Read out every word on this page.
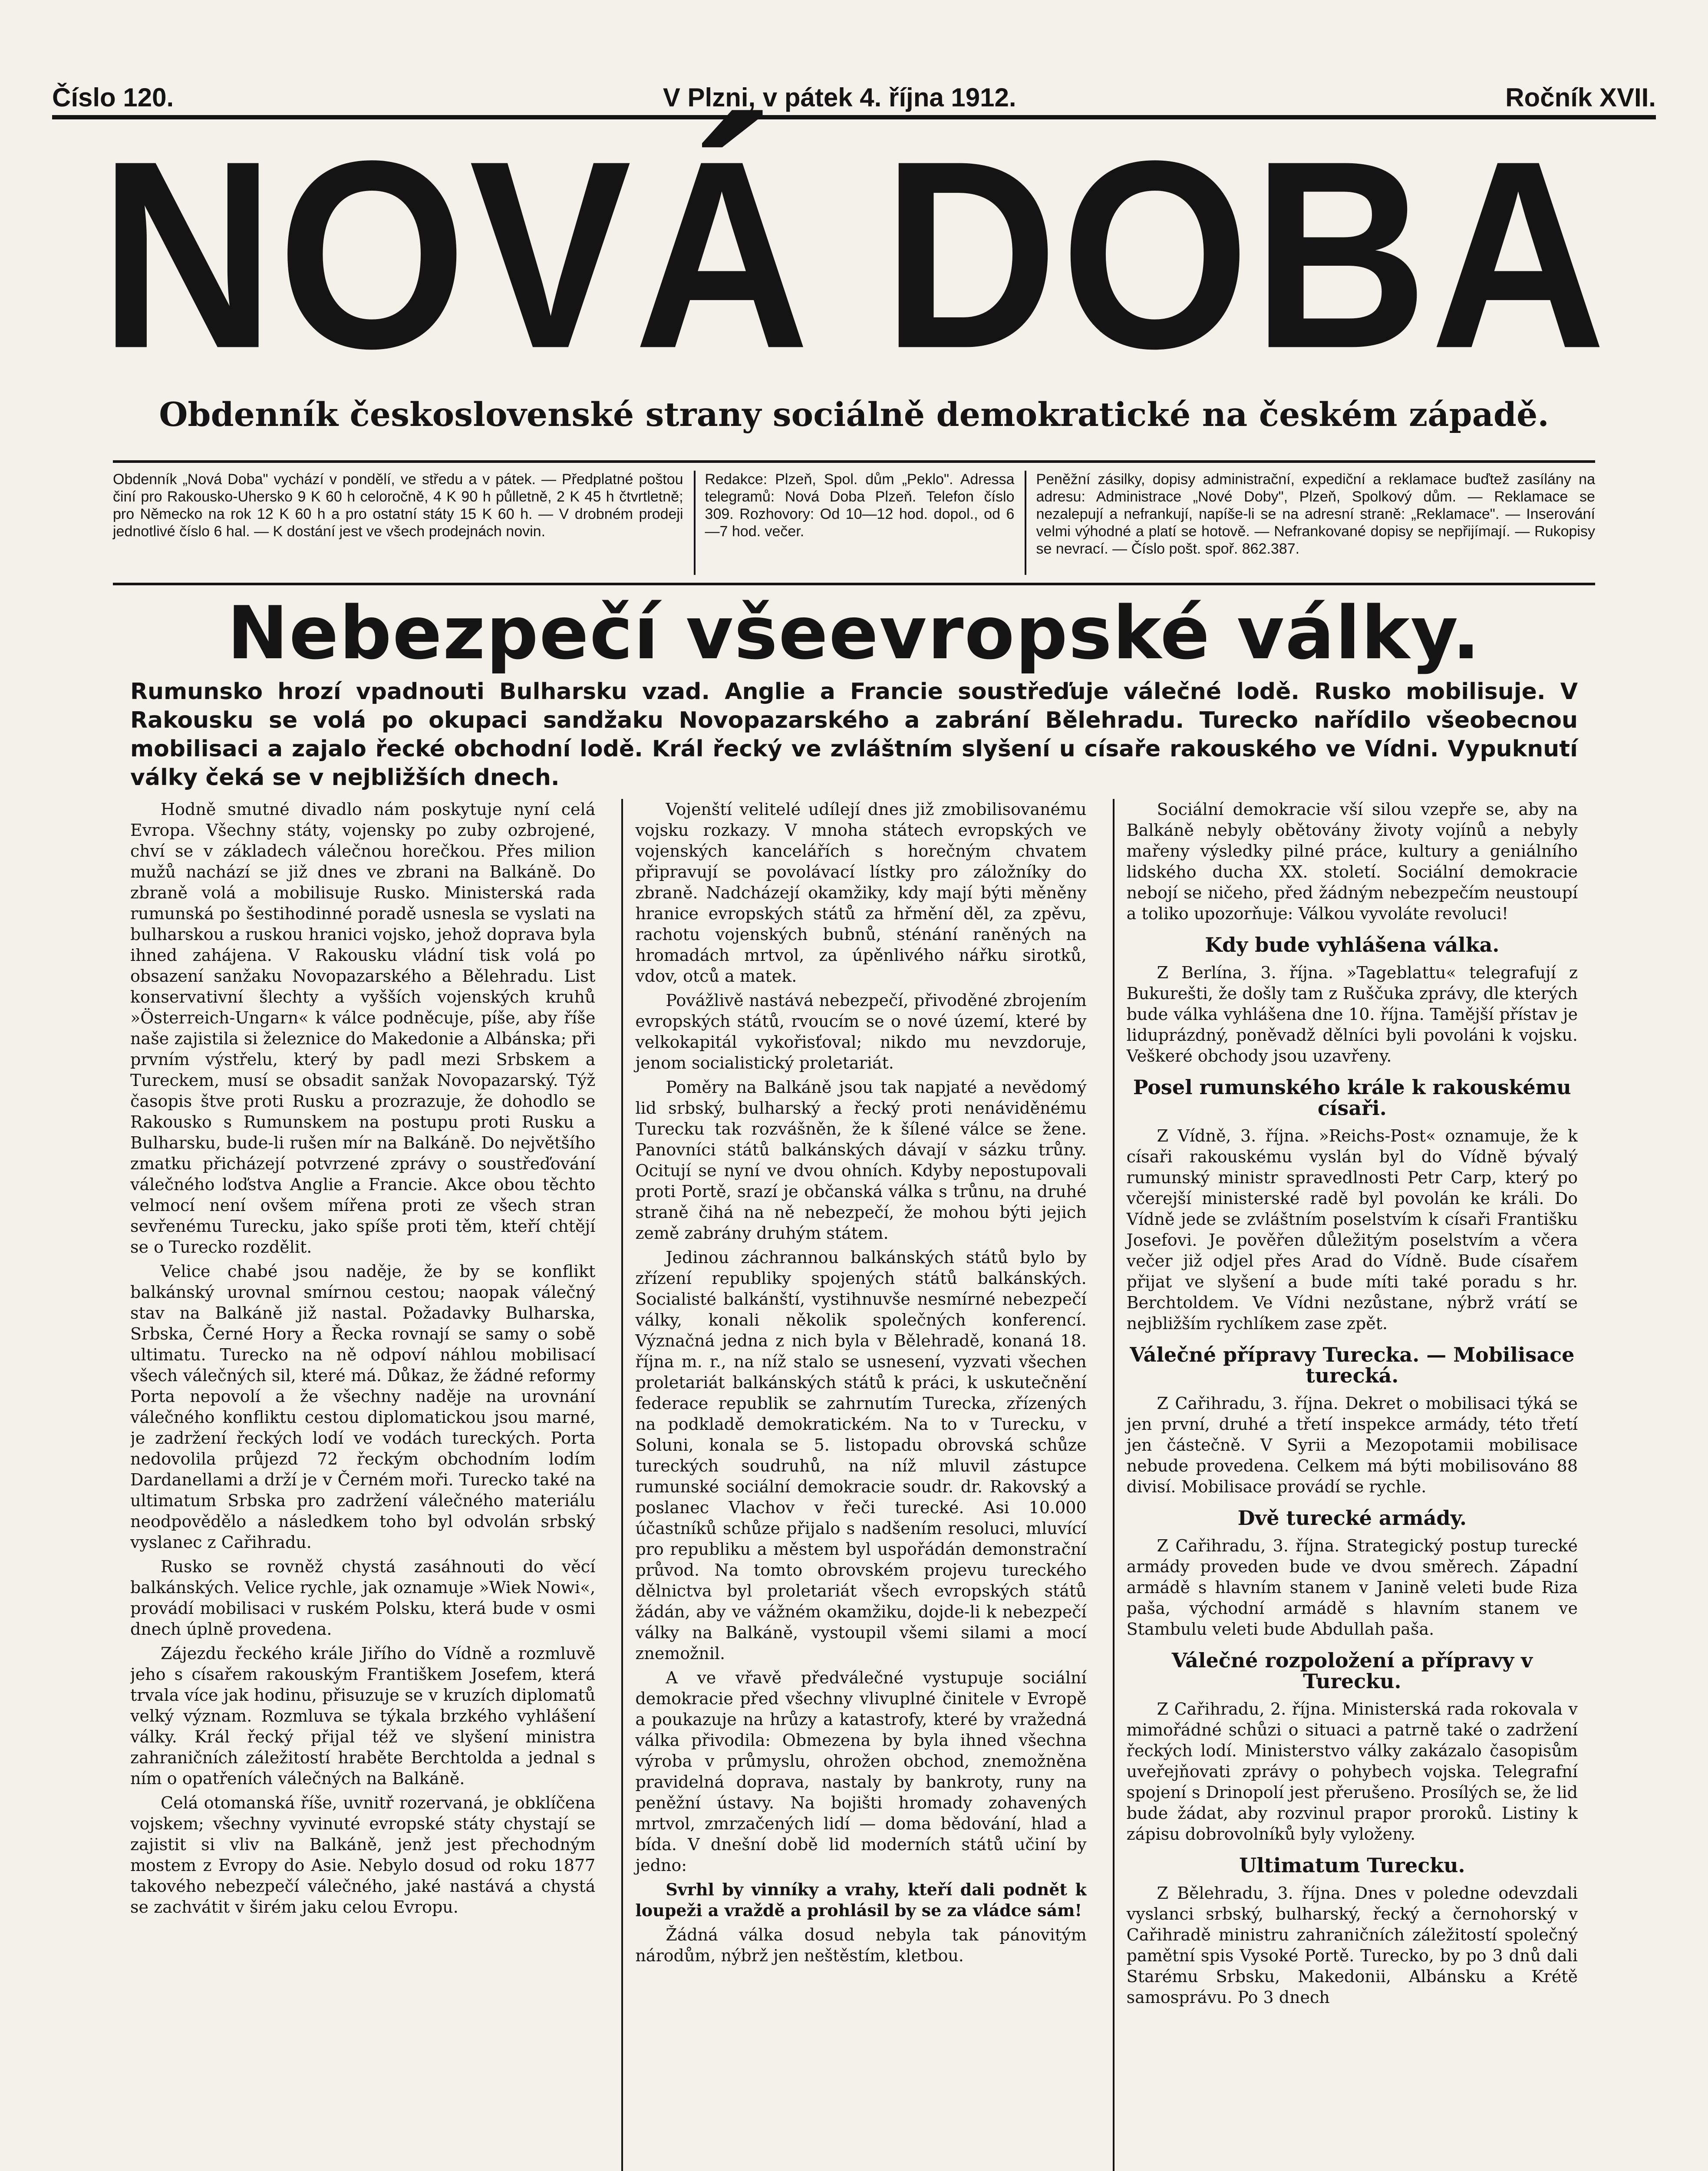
Číslo 120.	V Plzni, v pátek 4. října 1912.	Ročník XVII.
NOVÁ DOBA
Obdenník československé strany sociálně demokratické na českém západě.
Obdenník „Nová Doba" vychází v pondělí, ve středu a v pátek. — Předplatné poštou činí pro Rakousko-Uhersko 9 K 60 h celoročně, 4 K 90 h půlletně, 2 K 45 h čtvrtletně; pro Německo na rok 12 K 60 h a pro ostatní státy 15 K 60 h. — V drobném prodeji jednotlivé číslo 6 hal. — K dostání jest ve všech prodejnách novin.
Redakce: Plzeň, Spol. dům „Peklo". Adressa telegramů: Nová Doba Plzeň. Telefon číslo 309. Rozhovory: Od 10—12 hod. dopol., od 6—7 hod. večer.
Peněžní zásilky, dopisy administrační, expediční a reklamace buďtež zasílány na adresu: Administrace „Nové Doby", Plzeň, Spolkový dům. — Reklamace se nezalepují a nefrankují, napíše-li se na adresní straně: „Reklamace". — Inserování velmi výhodné a platí se hotově. — Nefrankované dopisy se nepřijímají. — Rukopisy se nevrací. — Číslo pošt. spoř. 862.387.
Nebezpečí všeevropské války.
Rumunsko hrozí vpadnouti Bulharsku vzad. Anglie a Francie soustřeďuje válečné lodě. Rusko mobilisuje. V Rakousku se volá po okupaci sandžaku Novopazarského a zabrání Bělehradu. Turecko nařídilo všeobecnou mobilisaci a zajalo řecké obchodní lodě. Král řecký ve zvláštním slyšení u císaře rakouského ve Vídni. Vypuknutí války čeká se v nejbližších dnech.

Hodně smutné divadlo nám poskytuje nyní celá Evropa. Všechny státy, vojensky po zuby ozbrojené, chví se v základech válečnou horečkou. Přes milion mužů nachází se již dnes ve zbrani na Balkáně. Do zbraně volá a mobilisuje Rusko. Ministerská rada rumunská po šestihodinné poradě usnesla se vyslati na bulharskou a ruskou hranici vojsko, jehož doprava byla ihned zahájena. V Rakousku vládní tisk volá po obsazení sanžaku Novopazarského a Bělehradu. List konservativní šlechty a vyšších vojenských kruhů »Österreich-Ungarn« k válce podněcuje, píše, aby říše naše zajistila si železnice do Makedonie a Albánska; při prvním výstřelu, který by padl mezi Srbskem a Tureckem, musí se obsadit sanžak Novopazarský. Týž časopis štve proti Rusku a prozrazuje, že dohodlo se Rakousko s Rumunskem na postupu proti Rusku a Bulharsku, bude-li rušen mír na Balkáně. Do největšího zmatku přicházejí potvrzené zprávy o soustřeďování válečného loďstva Anglie a Francie. Akce obou těchto velmocí není ovšem mířena proti ze všech stran sevřenému Turecku, jako spíše proti těm, kteří chtějí se o Turecko rozdělit.

Velice chabé jsou naděje, že by se konflikt balkánský urovnal smírnou cestou; naopak válečný stav na Balkáně již nastal. Požadavky Bulharska, Srbska, Černé Hory a Řecka rovnají se samy o sobě ultimatu. Turecko na ně odpoví náhlou mobilisací všech válečných sil, které má. Důkaz, že žádné reformy Porta nepovolí a že všechny naděje na urovnání válečného konfliktu cestou diplomatickou jsou marné, je zadržení řeckých lodí ve vodách tureckých. Porta nedovolila průjezd 72 řeckým obchodním lodím Dardanellami a drží je v Černém moři. Turecko také na ultimatum Srbska pro zadržení válečného materiálu neodpovědělo a následkem toho byl odvolán srbský vyslanec z Cařihradu.

Rusko se rovněž chystá zasáhnouti do věcí balkánských. Velice rychle, jak oznamuje »Wiek Nowi«, provádí mobilisaci v ruském Polsku, která bude v osmi dnech úplně provedena.

Zájezdu řeckého krále Jiřího do Vídně a rozmluvě jeho s císařem rakouským Františkem Josefem, která trvala více jak hodinu, přisuzuje se v kruzích diplomatů velký význam. Rozmluva se týkala brzkého vyhlášení války. Král řecký přijal též ve slyšení ministra zahraničních záležitostí hraběte Berchtolda a jednal s ním o opatřeních válečných na Balkáně.

Celá otomanská říše, uvnitř rozervaná, je obklíčena vojskem; všechny vyvinuté evropské státy chystají se zajistit si vliv na Balkáně, jenž jest přechodným mostem z Evropy do Asie. Nebylo dosud od roku 1877 takového nebezpečí válečného, jaké nastává a chystá se zachvátit v širém jaku celou Evropu.

Vojenští velitelé udílejí dnes již zmobilisovanému vojsku rozkazy. V mnoha státech evropských ve vojenských kancelářích s horečným chvatem připravují se povolávací lístky pro záložníky do zbraně. Nadcházejí okamžiky, kdy mají býti měněny hranice evropských států za hřmění děl, za zpěvu, rachotu vojenských bubnů, sténání raněných na hromadách mrtvol, za úpěnlivého nářku sirotků, vdov, otců a matek.

Povážlivě nastává nebezpečí, přivoděné zbrojením evropských států, rvoucím se o nové území, které by velkokapitál vykořisťoval; nikdo mu nevzdoruje, jenom socialistický proletariát.

Poměry na Balkáně jsou tak napjaté a nevědomý lid srbský, bulharský a řecký proti nenáviděnému Turecku tak rozvášněn, že k šílené válce se žene. Panovníci států balkánských dávají v sázku trůny. Ocitují se nyní ve dvou ohních. Kdyby nepostupovali proti Portě, srazí je občanská válka s trůnu, na druhé straně čihá na ně nebezpečí, že mohou býti jejich země zabrány druhým státem.

Jedinou záchrannou balkánských států bylo by zřízení republiky spojených států balkánských. Socialisté balkánští, vystihnuvše nesmírné nebezpečí války, konali několik společných konferencí. Význačná jedna z nich byla v Bělehradě, konaná 18. října m. r., na níž stalo se usnesení, vyzvati všechen proletariát balkánských států k práci, k uskutečnění federace republik se zahrnutím Turecka, zřízených na podkladě demokratickém. Na to v Turecku, v Soluni, konala se 5. listopadu obrovská schůze tureckých soudruhů, na níž mluvil zástupce rumunské sociální demokracie soudr. dr. Rakovský a poslanec Vlachov v řeči turecké. Asi 10.000 účastníků schůze přijalo s nadšením resoluci, mluvící pro republiku a městem byl uspořádán demonstrační průvod. Na tomto obrovském projevu tureckého dělnictva byl proletariát všech evropských států žádán, aby ve vážném okamžiku, dojde-li k nebezpečí války na Balkáně, vystoupil všemi silami a mocí znemožnil.

A ve vřavě předválečné vystupuje sociální demokracie před všechny vlivuplné činitele v Evropě a poukazuje na hrůzy a katastrofy, které by vražedná válka přivodila: Obmezena by byla ihned všechna výroba v průmyslu, ohrožen obchod, znemožněna pravidelná doprava, nastaly by bankroty, runy na peněžní ústavy. Na bojišti hromady zohavených mrtvol, zmrzačených lidí — doma bědování, hlad a bída. V dnešní době lid moderních států učiní by jedno:

Svrhl by vinníky a vrahy, kteří dali podnět k loupeži a vraždě a prohlásil by se za vládce sám!

Žádná válka dosud nebyla tak pánovitým národům, nýbrž jen neštěstím, kletbou.

Sociální demokracie vší silou vzepře se, aby na Balkáně nebyly obětovány životy vojínů a nebyly mařeny výsledky pilné práce, kultury a geniálního lidského ducha XX. století. Sociální demokracie nebojí se ničeho, před žádným nebezpečím neustoupí a toliko upozorňuje: Válkou vyvoláte revoluci!

Kdy bude vyhlášena válka.

Z Berlína, 3. října. »Tageblattu« telegrafují z Bukurešti, že došly tam z Ruščuka zprávy, dle kterých bude válka vyhlášena dne 10. října. Tamější přístav je liduprázdný, poněvadž dělníci byli povoláni k vojsku. Veškeré obchody jsou uzavřeny.

Posel rumunského krále k rakouskému císaři.

Z Vídně, 3. října. »Reichs-Post« oznamuje, že k císaři rakouskému vyslán byl do Vídně bývalý rumunský ministr spravedlnosti Petr Carp, který po včerejší ministerské radě byl povolán ke králi. Do Vídně jede se zvláštním poselstvím k císaři Františku Josefovi. Je pověřen důležitým poselstvím a včera večer již odjel přes Arad do Vídně. Bude císařem přijat ve slyšení a bude míti také poradu s hr. Berchtoldem. Ve Vídni nezůstane, nýbrž vrátí se nejbližším rychlíkem zase zpět.

Válečné přípravy Turecka. — Mobilisace turecká.

Z Cařihradu, 3. října. Dekret o mobilisaci týká se jen první, druhé a třetí inspekce armády, této třetí jen částečně. V Syrii a Mezopotamii mobilisace nebude provedena. Celkem má býti mobilisováno 88 divisí. Mobilisace provádí se rychle.

Dvě turecké armády.

Z Cařihradu, 3. října. Strategický postup turecké armády proveden bude ve dvou směrech. Západní armádě s hlavním stanem v Janině veleti bude Riza paša, východní armádě s hlavním stanem ve Stambulu veleti bude Abdullah paša.

Válečné rozpoložení a přípravy v Turecku.

Z Cařihradu, 2. října. Ministerská rada rokovala v mimořádné schůzi o situaci a patrně také o zadržení řeckých lodí. Ministerstvo války zakázalo časopisům uveřejňovati zprávy o pohybech vojska. Telegrafní spojení s Drinopolí jest přerušeno. Prosílých se, že lid bude žádat, aby rozvinul prapor proroků. Listiny k zápisu dobrovolníků byly vyloženy.

Ultimatum Turecku.

Z Bělehradu, 3. října. Dnes v poledne odevzdali vyslanci srbský, bulharský, řecký a černohorský v Cařihradě ministru zahraničních záležitostí společný pamětní spis Vysoké Portě. Turecko, by po 3 dnů dali Starému Srbsku, Makedonii, Albánsku a Krétě samosprávu. Po 3 dnech
